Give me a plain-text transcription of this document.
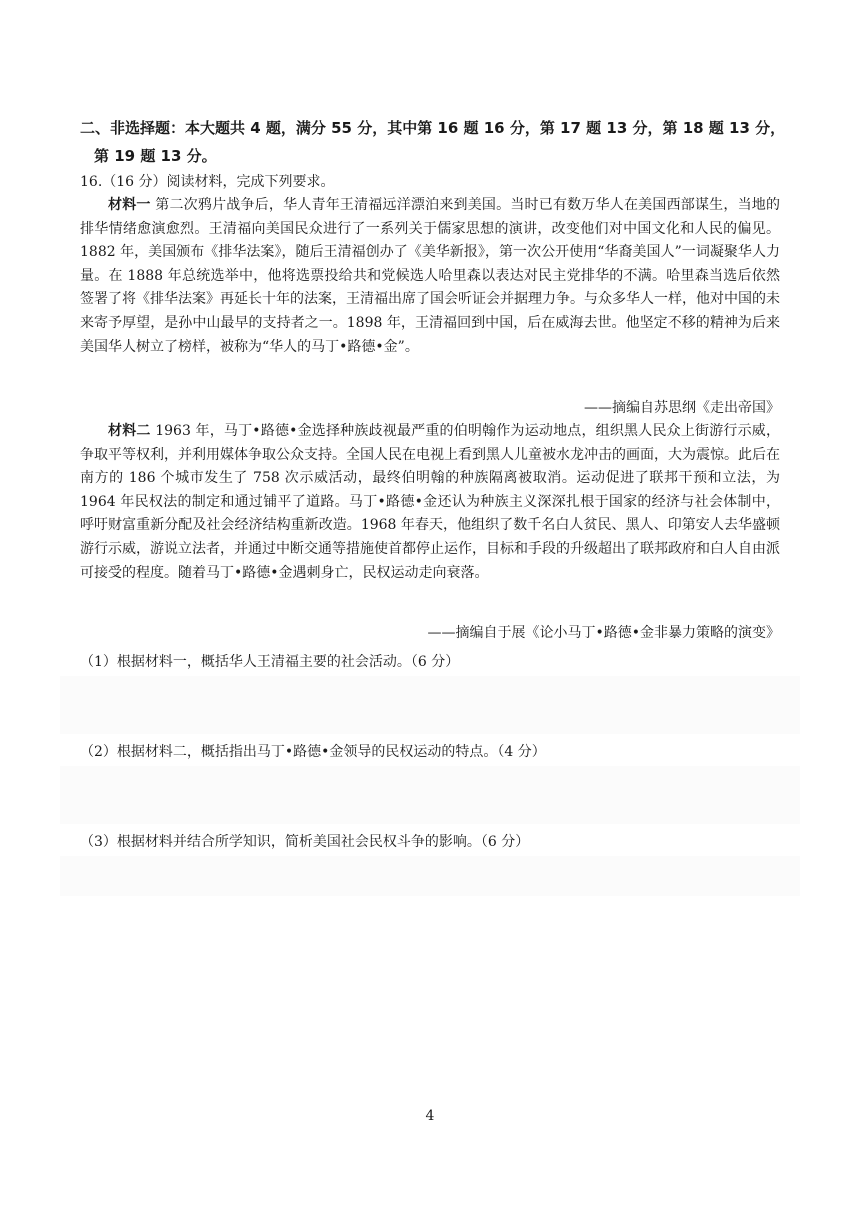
二、非选择题：本大题共 4 题，满分 55 分，其中第 16 题 16 分，第 17 题 13 分，第 18 题 13 分，
第 19 题 13 分。
16.（16 分）阅读材料，完成下列要求。
材料一 第二次鸦片战争后，华人青年王清福远洋漂泊来到美国。当时已有数万华人在美国西部谋生，当地的排华情绪愈演愈烈。王清福向美国民众进行了一系列关于儒家思想的演讲，改变他们对中国文化和人民的偏见。1882 年，美国颁布《排华法案》，随后王清福创办了《美华新报》，第一次公开使用“华裔美国人”一词凝聚华人力量。在 1888 年总统选举中，他将选票投给共和党候选人哈里森以表达对民主党排华的不满。哈里森当选后依然签署了将《排华法案》再延长十年的法案，王清福出席了国会听证会并据理力争。与众多华人一样，他对中国的未来寄予厚望，是孙中山最早的支持者之一。1898 年，王清福回到中国，后在威海去世。他坚定不移的精神为后来美国华人树立了榜样，被称为“华人的马丁•路德•金”。
——摘编自苏思纲《走出帝国》
材料二 1963 年，马丁•路德•金选择种族歧视最严重的伯明翰作为运动地点，组织黑人民众上街游行示威，争取平等权利，并利用媒体争取公众支持。全国人民在电视上看到黑人儿童被水龙冲击的画面，大为震惊。此后在南方的 186 个城市发生了 758 次示威活动，最终伯明翰的种族隔离被取消。运动促进了联邦干预和立法，为 1964 年民权法的制定和通过铺平了道路。马丁•路德•金还认为种族主义深深扎根于国家的经济与社会体制中，呼吁财富重新分配及社会经济结构重新改造。1968 年春天，他组织了数千名白人贫民、黑人、印第安人去华盛顿游行示威，游说立法者，并通过中断交通等措施使首都停止运作，目标和手段的升级超出了联邦政府和白人自由派可接受的程度。随着马丁•路德•金遇刺身亡，民权运动走向衰落。
——摘编自于展《论小马丁•路德•金非暴力策略的演变》
（1）根据材料一，概括华人王清福主要的社会活动。（6 分）
（2）根据材料二，概括指出马丁•路德•金领导的民权运动的特点。（4 分）
（3）根据材料并结合所学知识，简析美国社会民权斗争的影响。（6 分）
4
